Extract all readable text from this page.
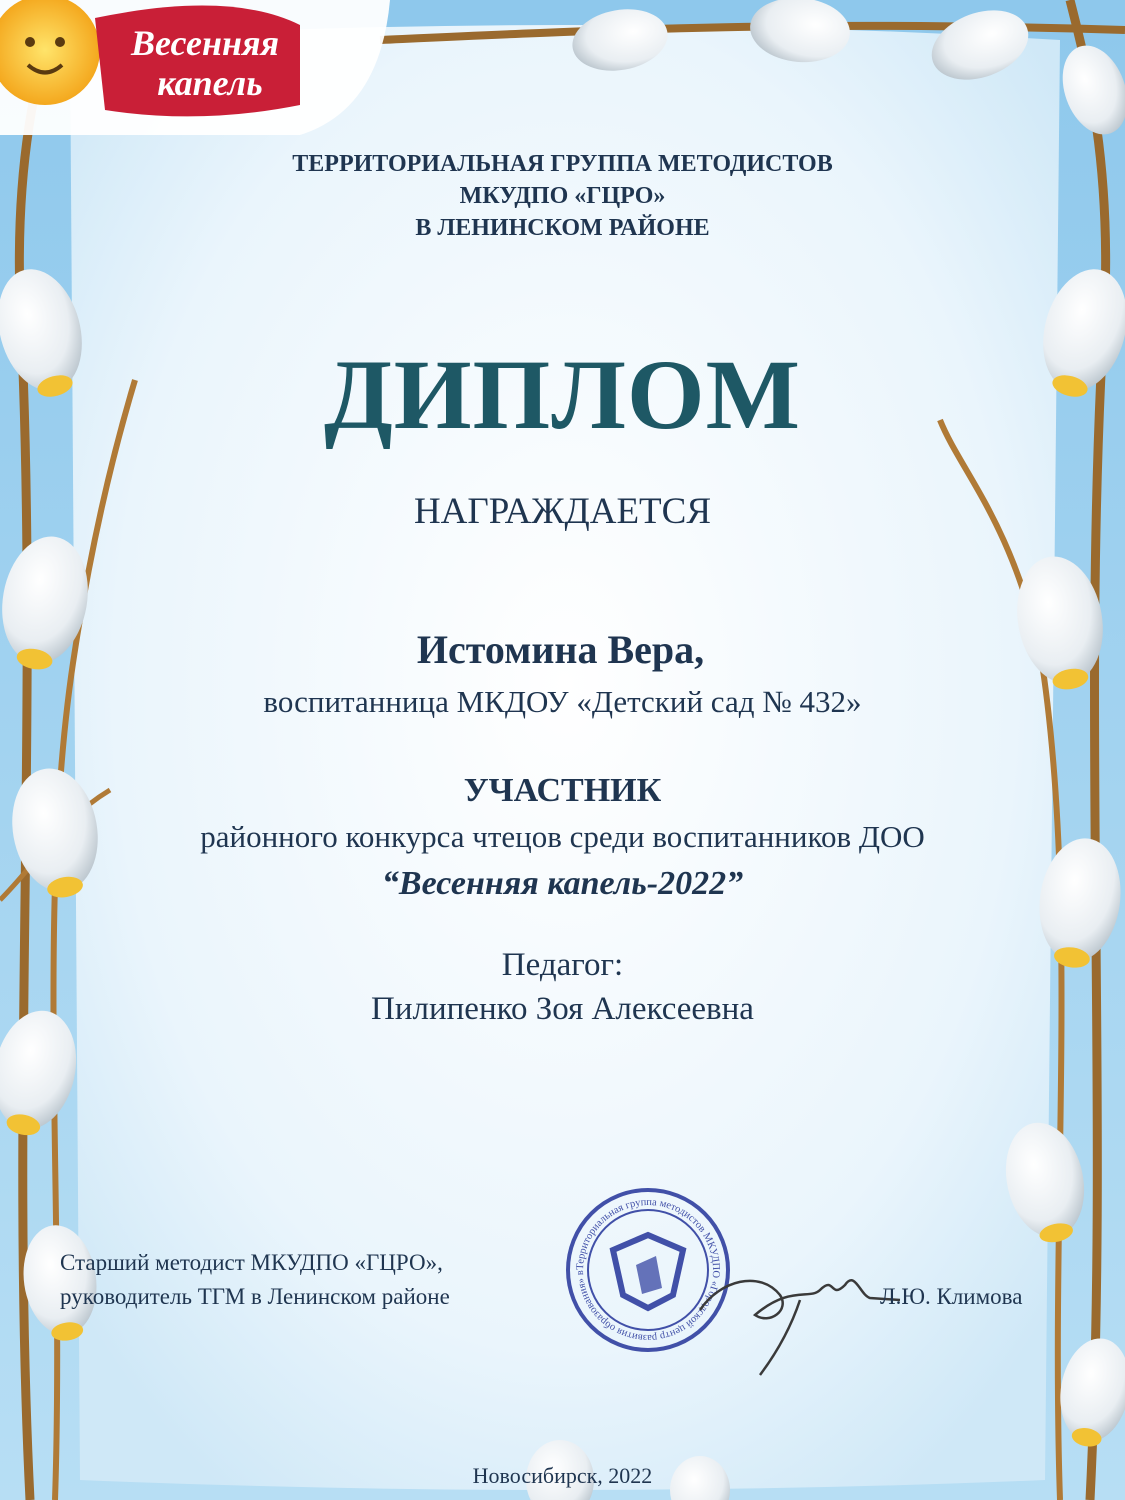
Весенняя
капель
Территориальная группа методистов МКУДПО «Городской центр развития образования» в

ТЕРРИТОРИАЛЬНАЯ ГРУППА МЕТОДИСТОВ

МКУДПО «ГЦРО»

В ЛЕНИНСКОМ РАЙОНЕ

ДИПЛОМ

НАГРАЖДАЕТСЯ

Истомина Вера,

воспитанница МКДОУ «Детский сад № 432»

УЧАСТНИК

районного конкурса чтецов среди воспитанников ДОО

“Весенняя капель-2022”

Педагог:

Пилипенко Зоя Алексеевна

Старший методист МКУДПО «ГЦРО»,

руководитель ТГМ в Ленинском районе	Л.Ю. Климова

Новосибирск, 2022
